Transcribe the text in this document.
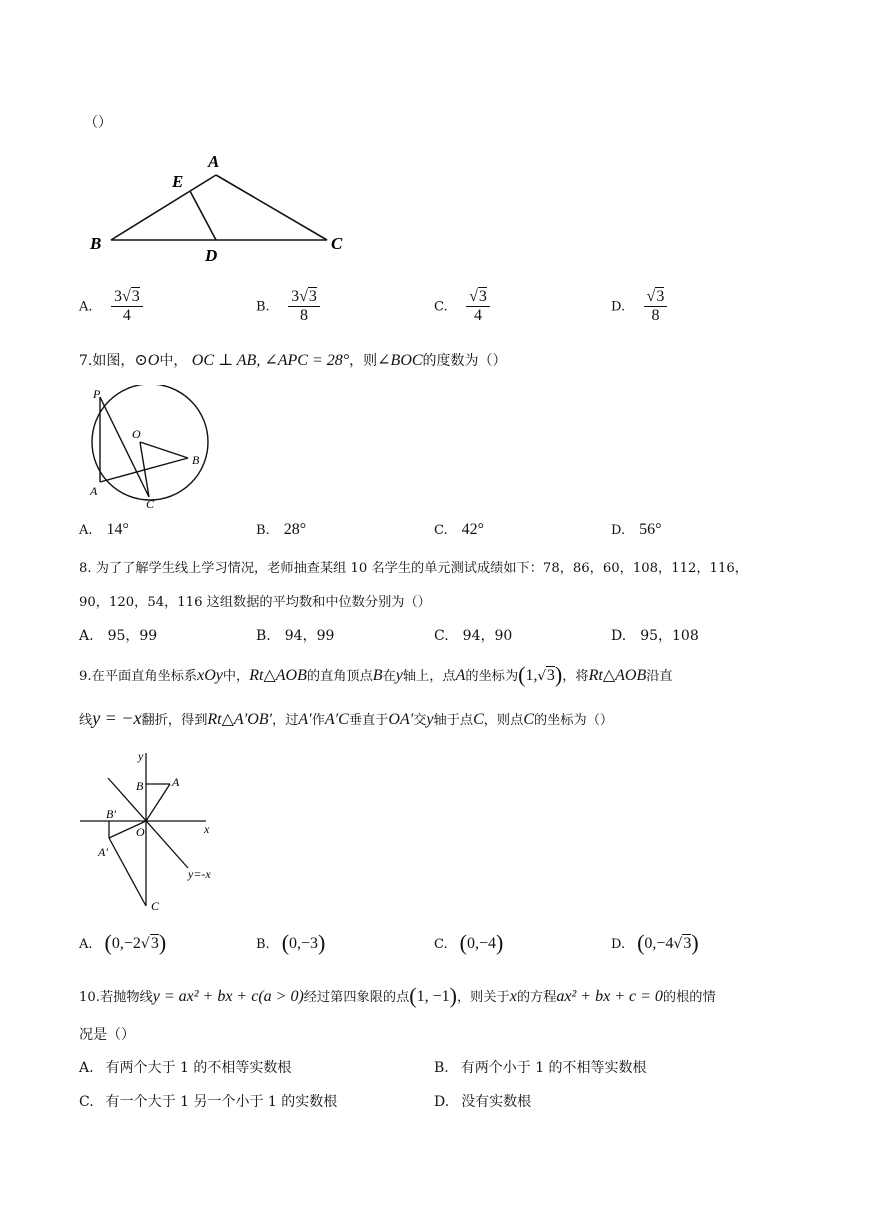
（）
A
E
B
D
C
A. $\frac{3√3}{4}$	B. $\frac{3√3}{8}$	C. $\frac{√3}{4}$	D. $\frac{√3}{8}$
7.如图，⊙O中， OC ⊥ AB, ∠APC = 28°，则∠BOC的度数为（）
P
O
B
A
C
A. 14°	B. 28°	C. 42°	D. 56°
8. 为了了解学生线上学习情况，老师抽查某组 10 名学生的单元测试成绩如下：78，86，60，108，112，116，
90，120，54，116 这组数据的平均数和中位数分别为（）
A. 95，99	B. 94，99	C. 94，90	D. 95，108
9.在平面直角坐标系xOy中，Rt△AOB的直角顶点B在y轴上，点A的坐标为(1,√3)，将Rt△AOB沿直
线y = −x翻折，得到Rt△A′OB′，过A′作A′C垂直于OA′交y轴于点C，则点C的坐标为（）
y
x
B A
B′
O
A′
y=-x
C
A. (0,−2√3)	B. (0,−3)	C. (0,−4)	D. (0,−4√3)
10.若抛物线y = ax² + bx + c(a > 0)经过第四象限的点(1, −1)，则关于x的方程ax² + bx + c = 0的根的情
况是（）
A. 有两个大于 1 的不相等实数根	B. 有两个小于 1 的不相等实数根
C. 有一个大于 1 另一个小于 1 的实数根	D. 没有实数根
